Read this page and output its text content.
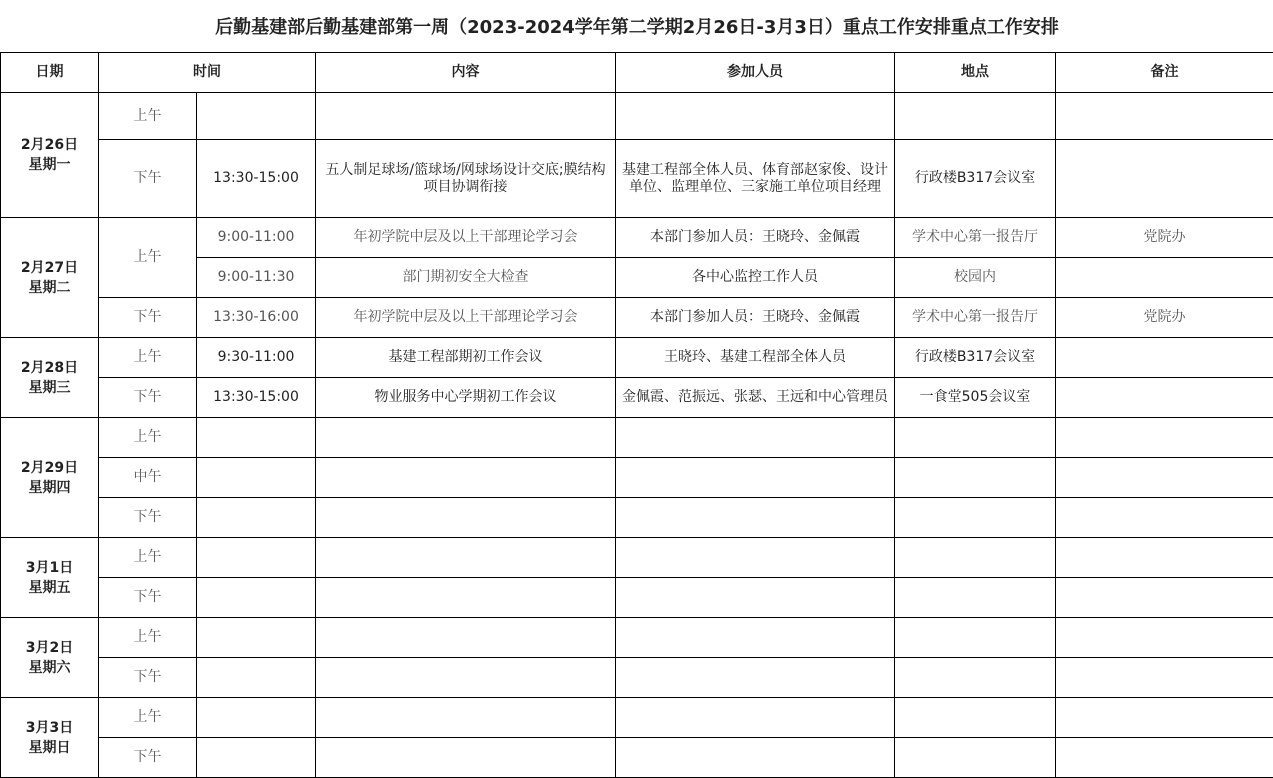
后勤基建部后勤基建部第一周（2023-2024学年第二学期2月26日-3月3日）重点工作安排重点工作安排						
日期	时间		内容	参加人员	地点	备注
2月26日
星期一	上午					
	下午	13:30-15:00	五人制足球场/篮球场/网球场设计交底;膜结构项目协调衔接	基建工程部全体人员、体育部赵家俊、设计单位、监理单位、三家施工单位项目经理	行政楼B317会议室	
2月27日
星期二	上午	9:00-11:00	年初学院中层及以上干部理论学习会	本部门参加人员：王晓玲、金佩霞	学术中心第一报告厅	党院办
		9:00-11:30	部门期初安全大检查	各中心监控工作人员	校园内	
	下午	13:30-16:00	年初学院中层及以上干部理论学习会	本部门参加人员：王晓玲、金佩霞	学术中心第一报告厅	党院办
2月28日
星期三	上午	9:30-11:00	基建工程部期初工作会议	王晓玲、基建工程部全体人员	行政楼B317会议室	
	下午	13:30-15:00	物业服务中心学期初工作会议	金佩霞、范振远、张瑟、王远和中心管理员	一食堂505会议室	
2月29日
星期四	上午					
	中午					
	下午					
3月1日
星期五	上午					
	下午					
3月2日
星期六	上午					
	下午					
3月3日
星期日	上午					
	下午					
